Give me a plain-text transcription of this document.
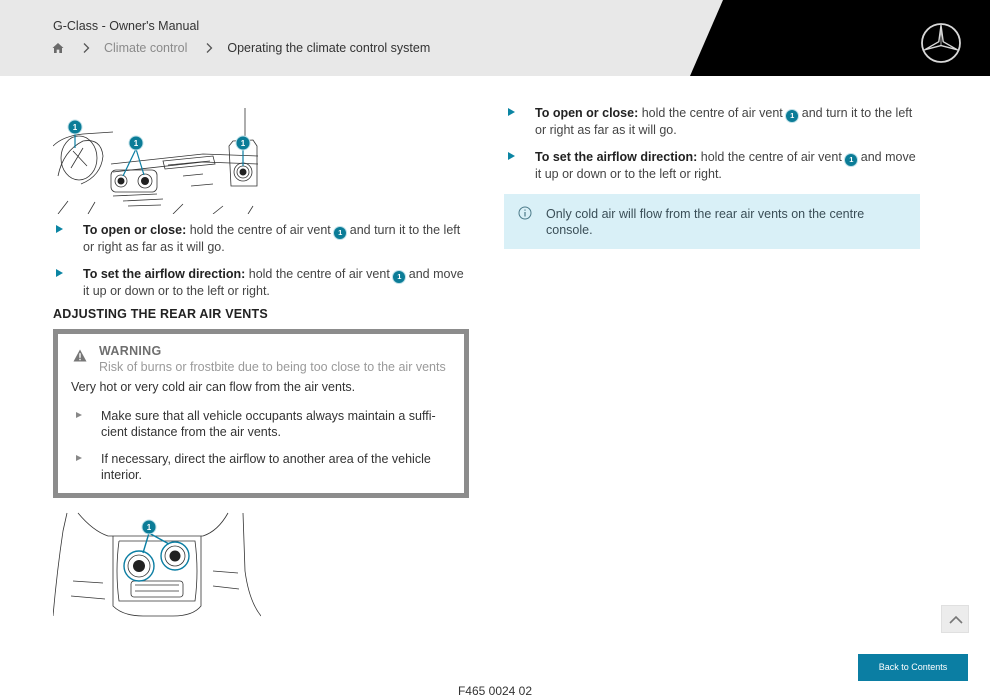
G-Class - Owner's Manual
Climate control	Operating the climate control system
1
1	1
To open or close: hold the centre of air vent 1 and turn it to the left or right as far as it will go.
To set the airflow direction: hold the centre of air vent 1 and move it up or down or to the left or right.
ADJUSTING THE REAR AIR VENTS
WARNING
Risk of burns or frostbite due to being too close to the air vents
Very hot or very cold air can flow from the air vents.
Make sure that all vehicle occupants always maintain a suffi-
cient distance from the air vents.
If necessary, direct the airflow to another area of the vehicle interior.
1
To open or close: hold the centre of air vent 1 and turn it to the left or right as far as it will go.
To set the airflow direction: hold the centre of air vent 1 and move it up or down or to the left or right.
Only cold air will flow from the rear air vents on the centre console.
Back to Contents
F465 0024 02
